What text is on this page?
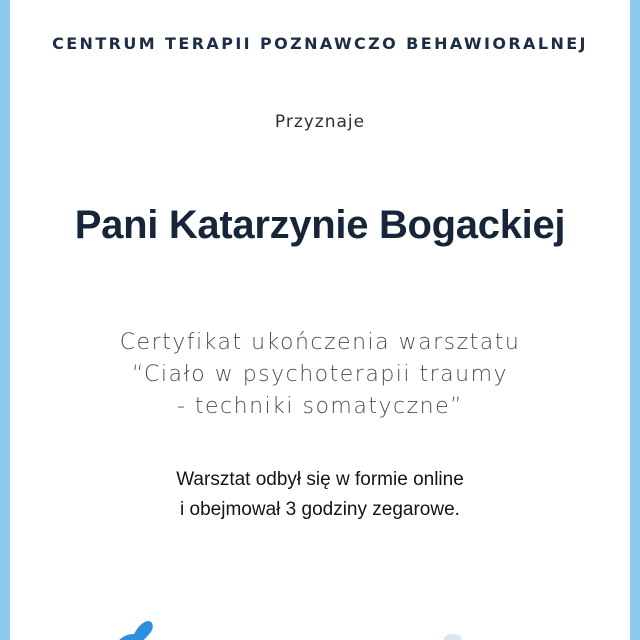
CENTRUM TERAPII POZNAWCZO BEHAWIORALNEJ
Przyznaje
Pani Katarzynie Bogackiej
Certyfikat ukończenia warsztatu
“Ciało w psychoterapii traumy
- techniki somatyczne”
Warsztat odbył się w formie online
i obejmował 3 godziny zegarowe.
